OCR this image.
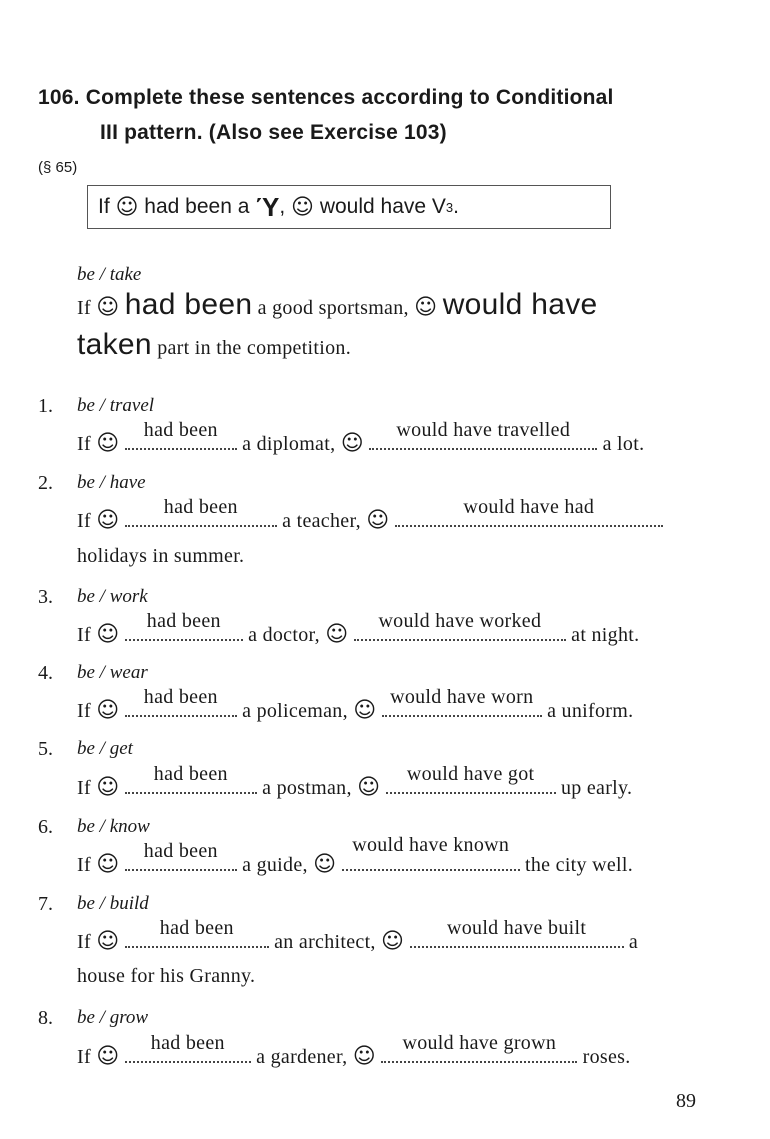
106. Complete these sentences according to Conditional
III pattern. (Also see Exercise 103)
(§ 65)
If
☺
had been a
Ύ ,
☺
would have V 3 .
be / take
If ☺ had been a good sportsman, ☺ would have
taken part in the competition.
1. be / travel
If ☺
had been
a diplomat, ☺
would have travelled
a lot.
2. be / have
If ☺
had been
a teacher, ☺
would have had
holidays in summer.
3. be / work
If ☺
had been
a doctor, ☺
would have worked
at night.
4. be / wear
If ☺
had been
a policeman, ☺
would have worn
a uniform.
5. be / get
If ☺
had been
a postman, ☺
would have got
up early.
6. be / know
If ☺
had been
a guide, ☺
would have known
the city well.
7. be / build
If ☺
had been
an architect, ☺
would have built
a
house for his Granny.
8. be / grow
If ☺
had been
a gardener, ☺
would have grown
roses.
89
